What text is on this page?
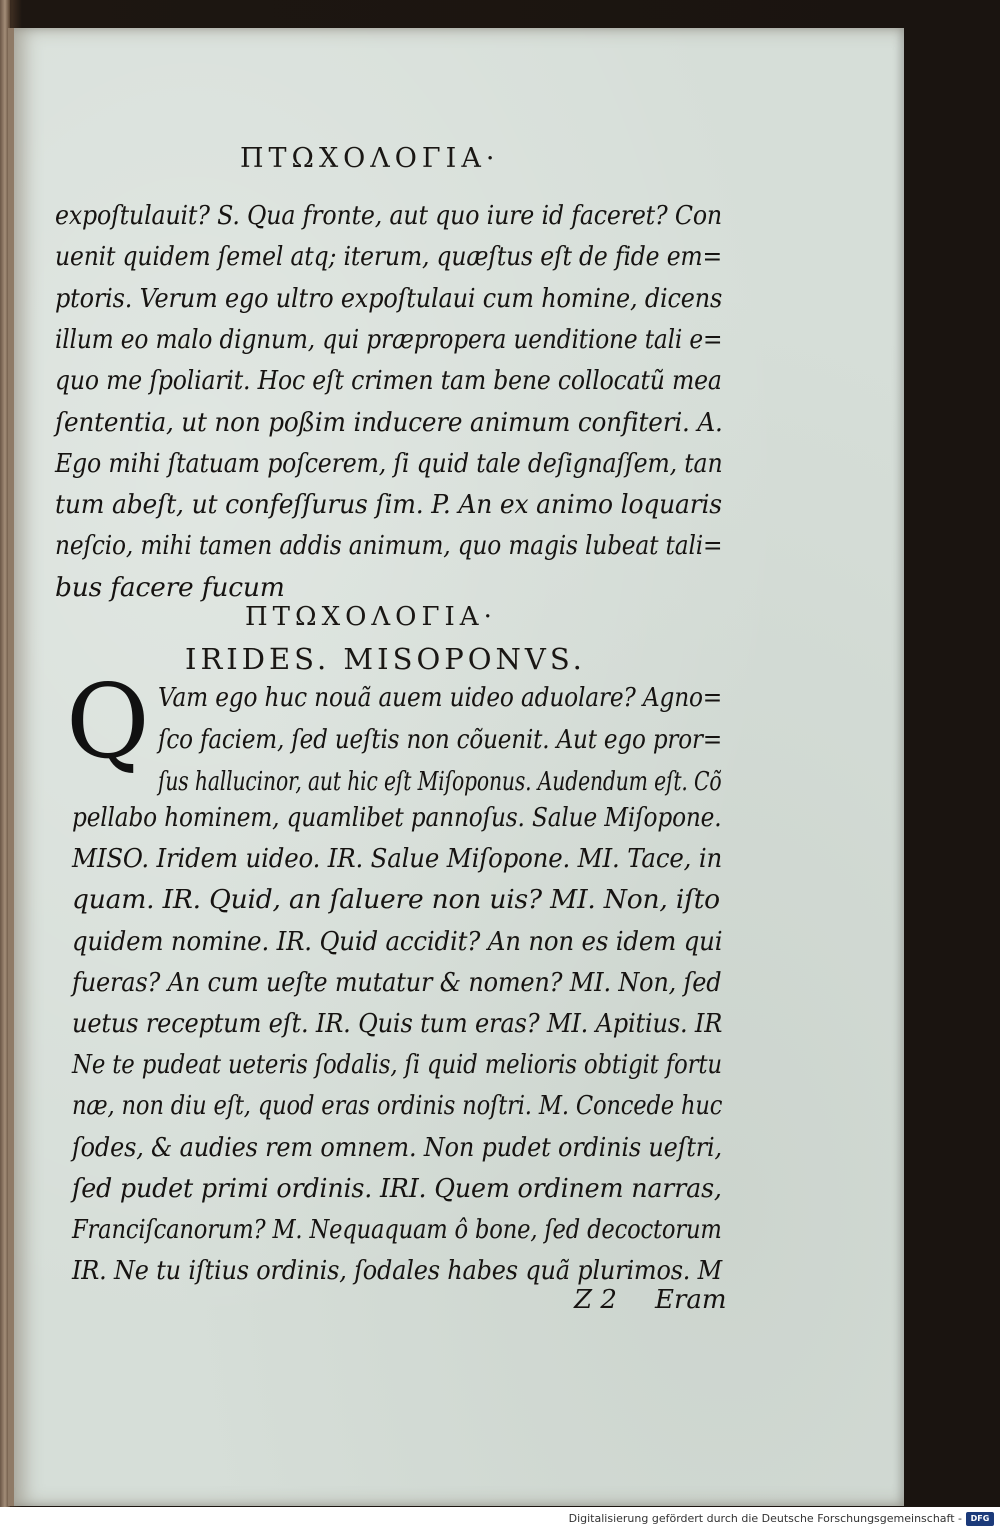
ΠΤΩΧΟΛΟΓΙΑ·
expoſtulauit? S. Qua fronte, aut quo iure id faceret? Con
uenit quidem ſemel atq; iterum, quæſtus eſt de fide em=
ptoris. Verum ego ultro expoſtulaui cum homine, dicens
illum eo malo dignum, qui præpropera uenditione tali e=
quo me ſpoliarit. Hoc eſt crimen tam bene collocatũ mea
ſententia, ut non poßim inducere animum confiteri. A.
Ego mihi ſtatuam poſcerem, ſi quid tale deſignaſſem, tan
tum abeſt, ut confeſſurus ſim. P. An ex animo loquaris
neſcio, mihi tamen addis animum, quo magis lubeat tali=
bus facere fucum
ΠΤΩΧΟΛΟΓΙΑ·
IRIDES. MISOPONVS.
Q Vam ego huc nouã auem uideo aduolare? Agno=
ſco faciem, ſed ueſtis non cõuenit. Aut ego pror=
ſus hallucinor, aut hic eſt Miſoponus. Audendum eſt. Cõ
pellabo hominem, quamlibet pannoſus. Salue Miſopone.
MISO. Iridem uideo. IR. Salue Miſopone. MI. Tace, in
quam. IR. Quid, an ſaluere non uis? MI. Non, iſto
quidem nomine. IR. Quid accidit? An non es idem qui
fueras? An cum ueſte mutatur & nomen? MI. Non, ſed
uetus receptum eſt. IR. Quis tum eras? MI. Apitius. IR
Ne te pudeat ueteris ſodalis, ſi quid melioris obtigit fortu
næ, non diu eſt, quod eras ordinis noſtri. M. Concede huc
ſodes, & audies rem omnem. Non pudet ordinis ueſtri,
ſed pudet primi ordinis. IRI. Quem ordinem narras,
Franciſcanorum? M. Nequaquam ô bone, ſed decoctorum
IR. Ne tu iſtius ordinis, ſodales habes quã plurimos. M
Z 2 Eram
Digitalisierung gefördert durch die Deutsche Forschungsgemeinschaft -	DFG
